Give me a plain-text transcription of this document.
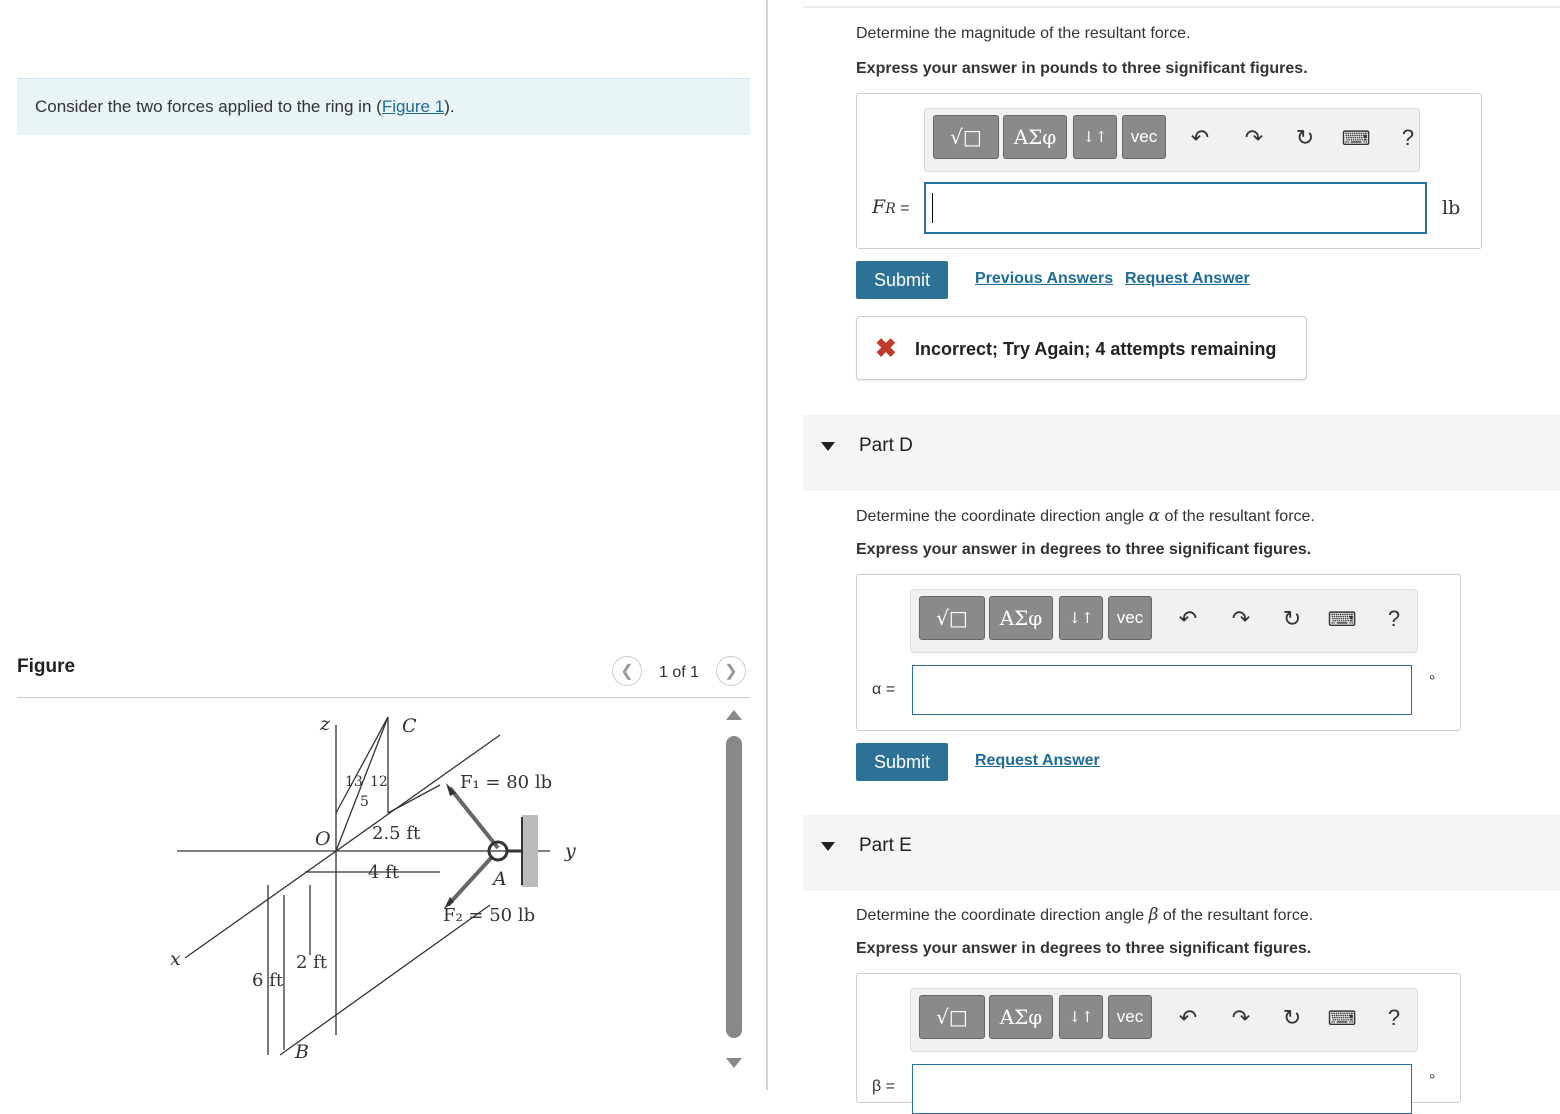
Consider the two forces applied to the ring in (Figure 1).
Figure	❮ 1 of 1 ❯
z	C
O
x
y
A
B
13 12
5
2.5 ft
4 ft
2 ft
6 ft
F₁ = 80 lb
F₂ = 50 lb
Determine the magnitude of the resultant force.
Express your answer in pounds to three significant figures.
√□ ΑΣφ ↓↑ vec ↶ ↷ ↻ ⌨ ?
FR =	lb
Submit	Previous Answers Request Answer
✖ Incorrect; Try Again; 4 attempts remaining
Part D
Determine the coordinate direction angle α of the resultant force.
Express your answer in degrees to three significant figures.
√□ ΑΣφ ↓↑ vec ↶ ↷ ↻ ⌨ ?
α =	°
Submit	Request Answer
Part E
Determine the coordinate direction angle β of the resultant force.
Express your answer in degrees to three significant figures.
√□ ΑΣφ ↓↑ vec ↶ ↷ ↻ ⌨ ?
β =	°
